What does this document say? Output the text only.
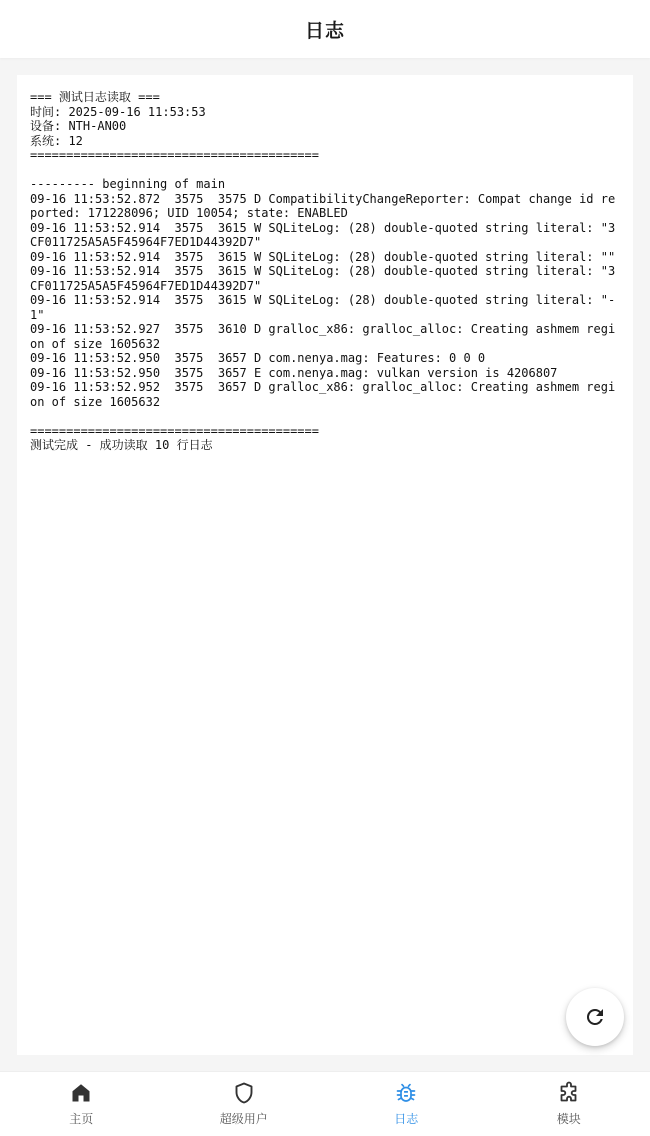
日志
=== 测试日志读取 ===
时间: 2025-09-16 11:53:53
设备: NTH-AN00
系统: 12
========================================

--------- beginning of main
09-16 11:53:52.872  3575  3575 D CompatibilityChangeReporter: Compat change id reported: 171228096; UID 10054; state: ENABLED
09-16 11:53:52.914  3575  3615 W SQLiteLog: (28) double-quoted string literal: "3CF011725A5A5F45964F7ED1D44392D7"
09-16 11:53:52.914  3575  3615 W SQLiteLog: (28) double-quoted string literal: ""
09-16 11:53:52.914  3575  3615 W SQLiteLog: (28) double-quoted string literal: "3CF011725A5A5F45964F7ED1D44392D7"
09-16 11:53:52.914  3575  3615 W SQLiteLog: (28) double-quoted string literal: "-1"
09-16 11:53:52.927  3575  3610 D gralloc_x86: gralloc_alloc: Creating ashmem region of size 1605632
09-16 11:53:52.950  3575  3657 D com.nenya.mag: Features: 0 0 0
09-16 11:53:52.950  3575  3657 E com.nenya.mag: vulkan version is 4206807
09-16 11:53:52.952  3575  3657 D gralloc_x86: gralloc_alloc: Creating ashmem region of size 1605632

========================================
测试完成 - 成功读取 10 行日志

主页	超级用户	日志	模块
